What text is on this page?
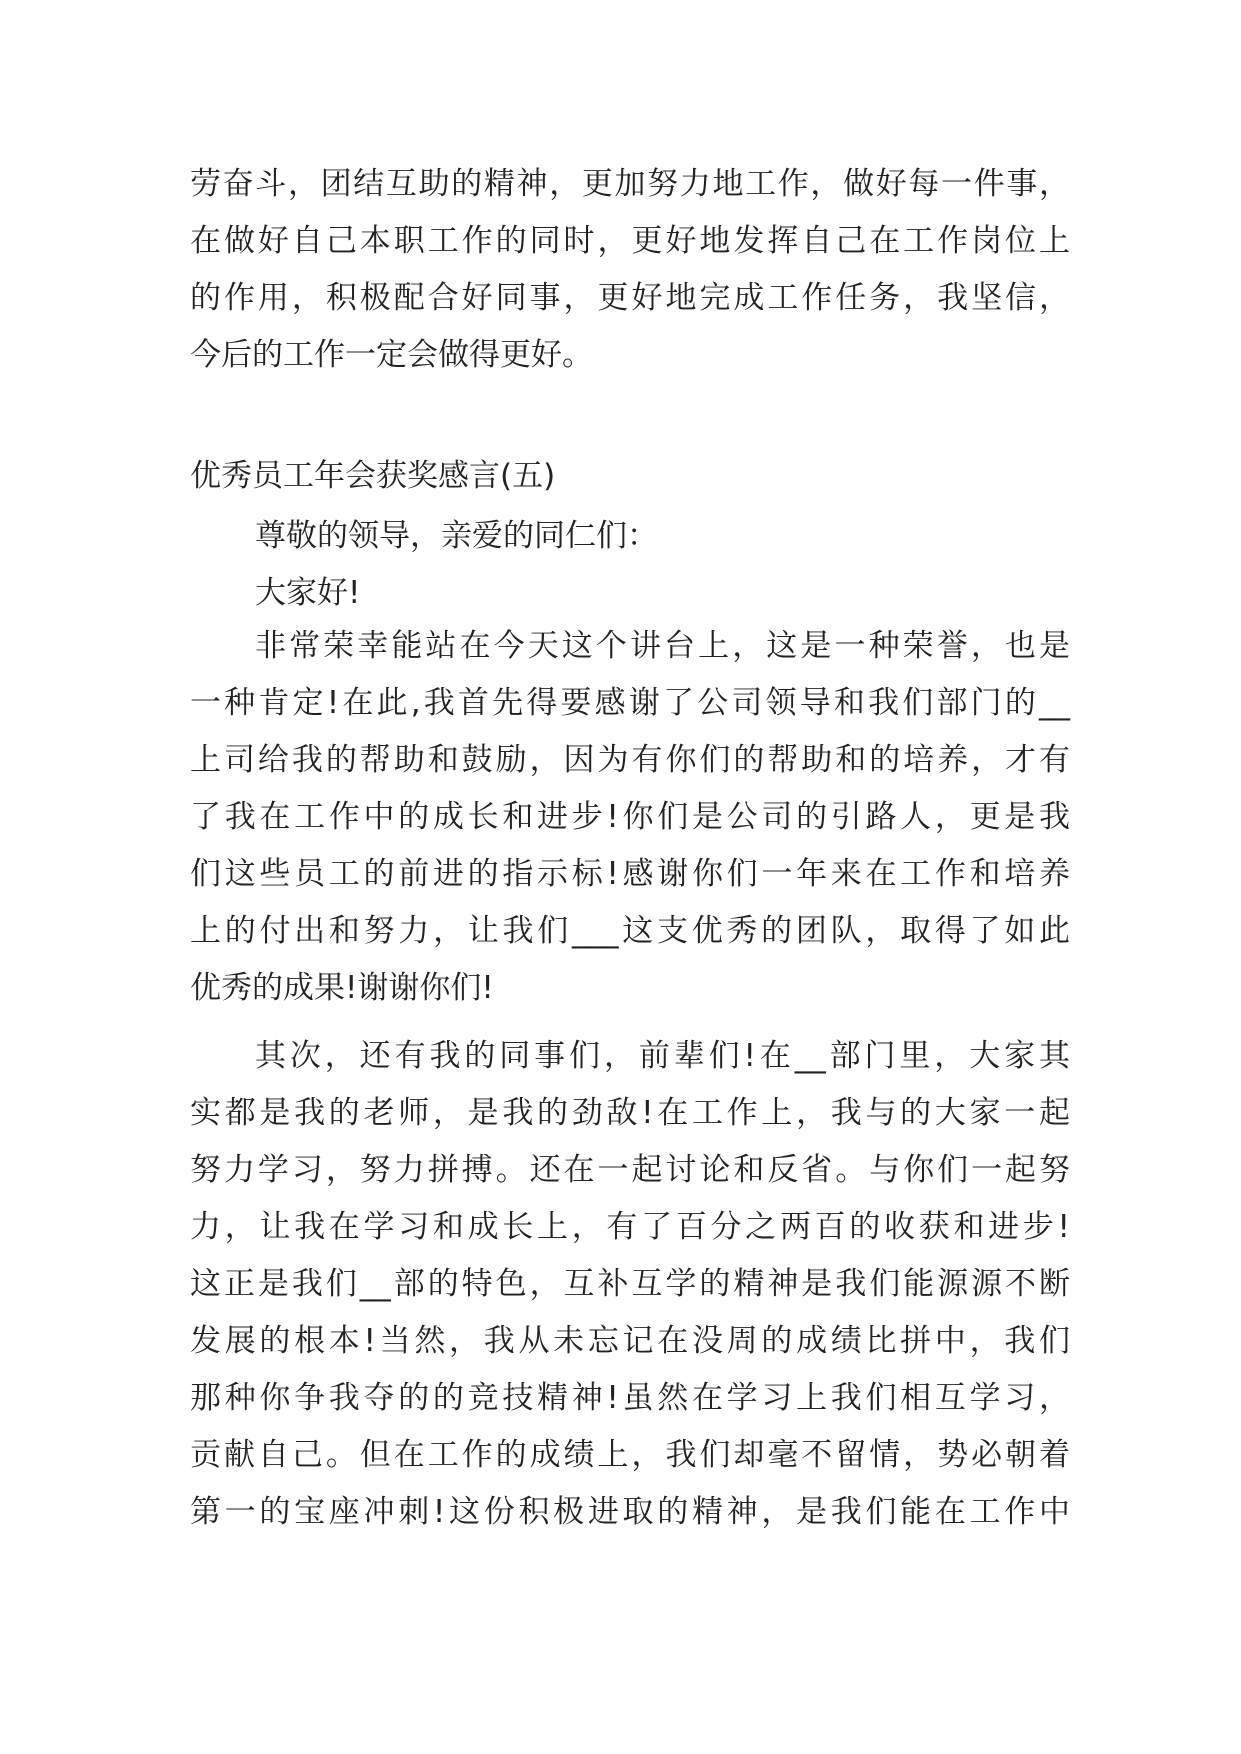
劳奋斗，团结互助的精神，更加努力地工作，做好每一件事，
在做好自己本职工作的同时，更好地发挥自己在工作岗位上
的作用，积极配合好同事，更好地完成工作任务，我坚信，
今后的工作一定会做得更好。
优秀员工年会获奖感言(五)
尊敬的领导，亲爱的同仁们：
大家好!
非常荣幸能站在今天这个讲台上，这是一种荣誉，也是
一种肯定!在此,我首先得要感谢了公司领导和我们部门的__
上司给我的帮助和鼓励，因为有你们的帮助和的培养，才有
了我在工作中的成长和进步!你们是公司的引路人，更是我
们这些员工的前进的指示标!感谢你们一年来在工作和培养
上的付出和努力，让我们___这支优秀的团队，取得了如此
优秀的成果!谢谢你们!
其次，还有我的同事们，前辈们!在__部门里，大家其
实都是我的老师，是我的劲敌!在工作上，我与的大家一起
努力学习，努力拼搏。还在一起讨论和反省。与你们一起努
力，让我在学习和成长上，有了百分之两百的收获和进步!
这正是我们__部的特色，互补互学的精神是我们能源源不断
发展的根本!当然，我从未忘记在没周的成绩比拼中，我们
那种你争我夺的的竞技精神!虽然在学习上我们相互学习，
贡献自己。但在工作的成绩上，我们却毫不留情，势必朝着
第一的宝座冲刺!这份积极进取的精神，是我们能在工作中
